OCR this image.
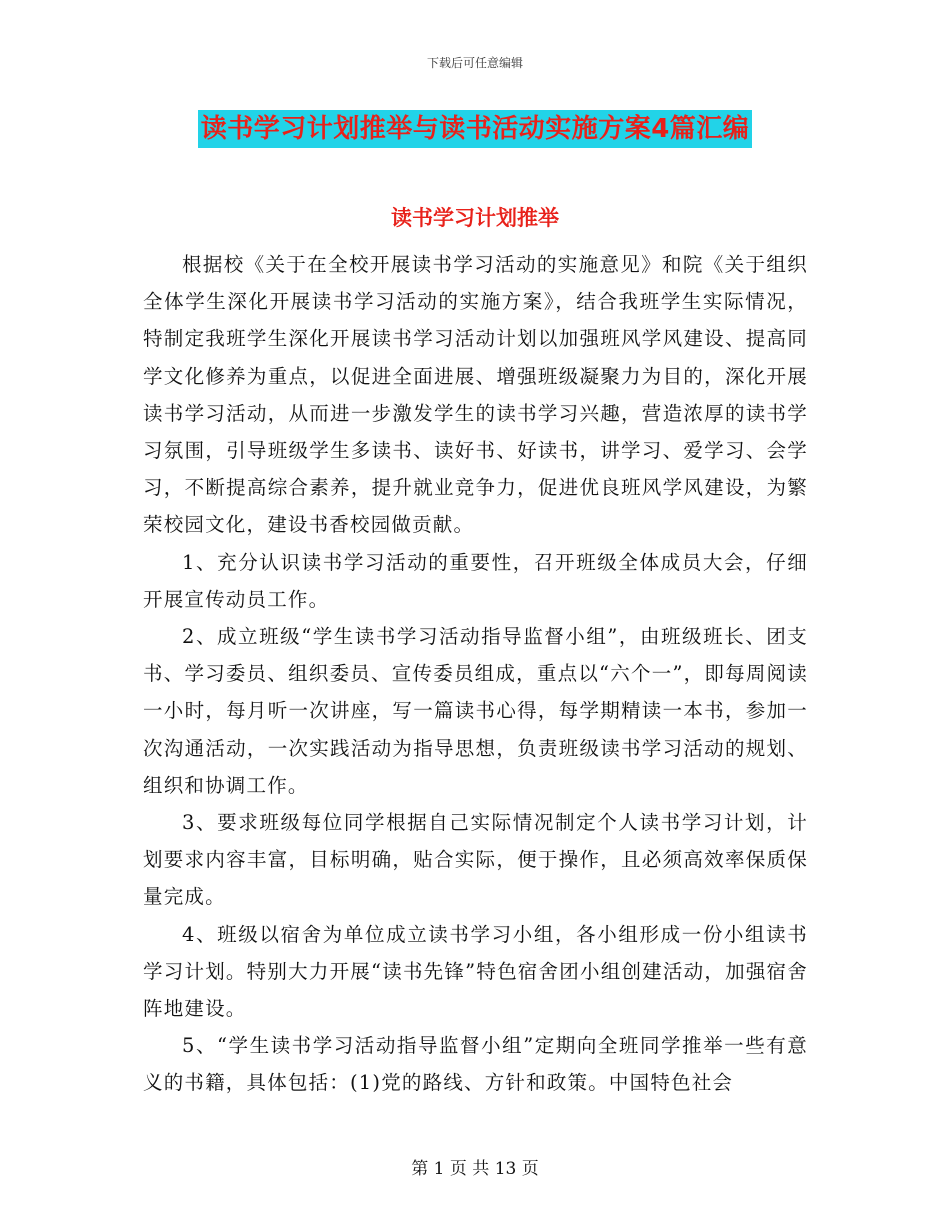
下载后可任意编辑
读书学习计划推举与读书活动实施方案4篇汇编
读书学习计划推举

根据校《关于在全校开展读书学习活动的实施意见》和院《关于组织全体学生深化开展读书学习活动的实施方案》，结合我班学生实际情况，特制定我班学生深化开展读书学习活动计划以加强班风学风建设、提高同学文化修养为重点，以促进全面进展、增强班级凝聚力为目的，深化开展读书学习活动，从而进一步激发学生的读书学习兴趣，营造浓厚的读书学习氛围，引导班级学生多读书、读好书、好读书，讲学习、爱学习、会学习，不断提高综合素养，提升就业竞争力，促进优良班风学风建设，为繁荣校园文化，建设书香校园做贡献。

1、充分认识读书学习活动的重要性，召开班级全体成员大会，仔细开展宣传动员工作。

2、成立班级“学生读书学习活动指导监督小组”，由班级班长、团支书、学习委员、组织委员、宣传委员组成，重点以“六个一”，即每周阅读一小时，每月听一次讲座，写一篇读书心得，每学期精读一本书，参加一次沟通活动，一次实践活动为指导思想，负责班级读书学习活动的规划、组织和协调工作。

3、要求班级每位同学根据自己实际情况制定个人读书学习计划，计划要求内容丰富，目标明确，贴合实际，便于操作，且必须高效率保质保量完成。

4、班级以宿舍为单位成立读书学习小组，各小组形成一份小组读书学习计划。特别大力开展“读书先锋”特色宿舍团小组创建活动，加强宿舍阵地建设。

5、“学生读书学习活动指导监督小组”定期向全班同学推举一些有意义的书籍，具体包括：(1)党的路线、方针和政策。中国特色社会

第 1 页 共 13 页
